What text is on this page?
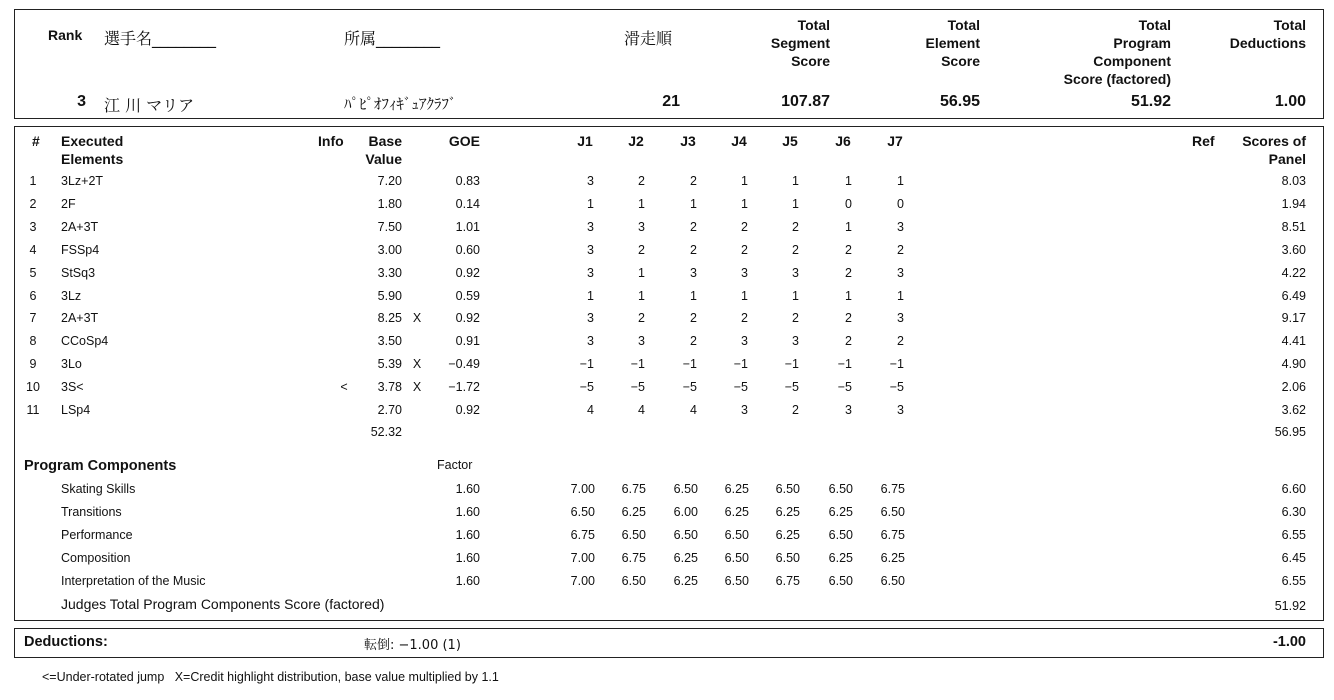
Rank 選手名________	所属________	滑走順
Total
Segment
Score
Total
Element
Score
Total
Program
Component
Score (factored)
Total
Deductions
3 江 川 マリア	ﾊﾟﾋﾟｵﾌｨｷﾞｭｱｸﾗﾌﾞ	21	107.87	56.95	51.92	1.00
# Executed
Elements
Info	Base
Value
GOE	J1	J2	J3	J4	J5	J6	J7	Ref	Scores of
Panel
1	3Lz+2T	7.20	0.83	3	2	2	1	1	1	1	8.03
2	2F	1.80	0.14	1	1	1	1	1	0	0	1.94
3	2A+3T	7.50	1.01	3	3	2	2	2	1	3	8.51
4	FSSp4	3.00	0.60	3	2	2	2	2	2	2	3.60
5	StSq3	3.30	0.92	3	1	3	3	3	2	3	4.22
6	3Lz	5.90	0.59	1	1	1	1	1	1	1	6.49
7	2A+3T	8.25 X	0.92	3	2	2	2	2	2	3	9.17
8	CCoSp4	3.50	0.91	3	3	2	3	3	2	2	4.41
9	3Lo	5.39 X	−0.49	−1	−1	−1	−1	−1	−1	−1	4.90
10	3S<	<	3.78 X	−1.72	−5	−5	−5	−5	−5	−5	−5	2.06
11	LSp4	2.70	0.92	4	4	4	3	2	3	3	3.62
52.32	56.95
Program Components	Factor
Skating Skills	1.60	7.00	6.75	6.50	6.25	6.50	6.50	6.75	6.60
Transitions	1.60	6.50	6.25	6.00	6.25	6.25	6.25	6.50	6.30
Performance	1.60	6.75	6.50	6.50	6.50	6.25	6.50	6.75	6.55
Composition	1.60	7.00	6.75	6.25	6.50	6.50	6.25	6.25	6.45
Interpretation of the Music	1.60	7.00	6.50	6.25	6.50	6.75	6.50	6.50	6.55
Judges Total Program Components Score (factored)	51.92
Deductions:	転倒: −1.00 (1)	-1.00
<=Under-rotated jump   X=Credit highlight distribution, base value multiplied by 1.1
